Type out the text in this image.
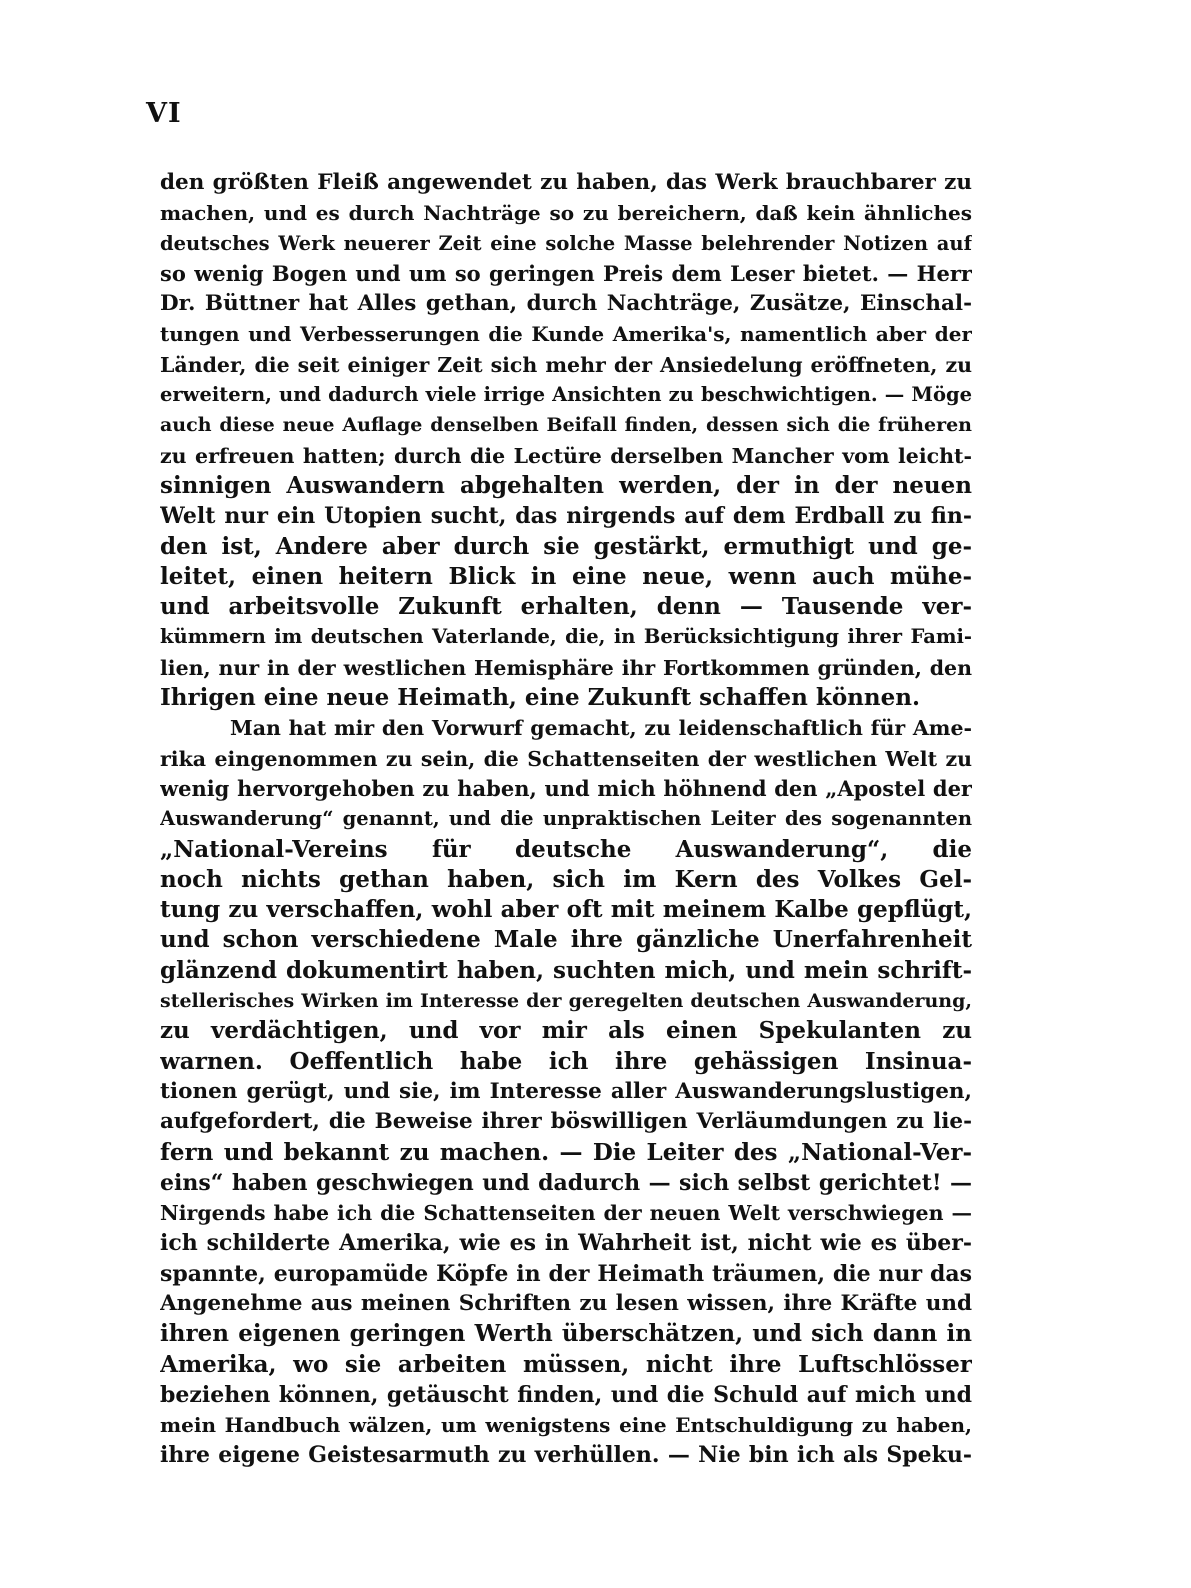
VI
den größten Fleiß angewendet zu haben, das Werk brauchbarer zu
machen, und es durch Nachträge so zu bereichern, daß kein ähnliches
deutsches Werk neuerer Zeit eine solche Masse belehrender Notizen auf
so wenig Bogen und um so geringen Preis dem Leser bietet. — Herr
Dr. Büttner hat Alles gethan, durch Nachträge, Zusätze, Einschal-
tungen und Verbesserungen die Kunde Amerika's, namentlich aber der
Länder, die seit einiger Zeit sich mehr der Ansiedelung eröffneten, zu
erweitern, und dadurch viele irrige Ansichten zu beschwichtigen. — Möge
auch diese neue Auflage denselben Beifall finden, dessen sich die früheren
zu erfreuen hatten; durch die Lectüre derselben Mancher vom leicht-
sinnigen Auswandern abgehalten werden, der in der neuen
Welt nur ein Utopien sucht, das nirgends auf dem Erdball zu fin-
den ist, Andere aber durch sie gestärkt, ermuthigt und ge-
leitet, einen heitern Blick in eine neue, wenn auch mühe-
und arbeitsvolle Zukunft erhalten, denn — Tausende ver-
kümmern im deutschen Vaterlande, die, in Berücksichtigung ihrer Fami-
lien, nur in der westlichen Hemisphäre ihr Fortkommen gründen, den
Ihrigen eine neue Heimath, eine Zukunft schaffen können.
Man hat mir den Vorwurf gemacht, zu leidenschaftlich für Ame-
rika eingenommen zu sein, die Schattenseiten der westlichen Welt zu
wenig hervorgehoben zu haben, und mich höhnend den „Apostel der
Auswanderung“ genannt, und die unpraktischen Leiter des sogenannten
„National-Vereins für deutsche Auswanderung“, die
noch nichts gethan haben, sich im Kern des Volkes Gel-
tung zu verschaffen, wohl aber oft mit meinem Kalbe gepflügt,
und schon verschiedene Male ihre gänzliche Unerfahrenheit
glänzend dokumentirt haben, suchten mich, und mein schrift-
stellerisches Wirken im Interesse der geregelten deutschen Auswanderung,
zu verdächtigen, und vor mir als einen Spekulanten zu
warnen. Oeffentlich habe ich ihre gehässigen Insinua-
tionen gerügt, und sie, im Interesse aller Auswanderungslustigen,
aufgefordert, die Beweise ihrer böswilligen Verläumdungen zu lie-
fern und bekannt zu machen. — Die Leiter des „National-Ver-
eins“ haben geschwiegen und dadurch — sich selbst gerichtet! —
Nirgends habe ich die Schattenseiten der neuen Welt verschwiegen —
ich schilderte Amerika, wie es in Wahrheit ist, nicht wie es über-
spannte, europamüde Köpfe in der Heimath träumen, die nur das
Angenehme aus meinen Schriften zu lesen wissen, ihre Kräfte und
ihren eigenen geringen Werth überschätzen, und sich dann in
Amerika, wo sie arbeiten müssen, nicht ihre Luftschlösser
beziehen können, getäuscht finden, und die Schuld auf mich und
mein Handbuch wälzen, um wenigstens eine Entschuldigung zu haben,
ihre eigene Geistesarmuth zu verhüllen. — Nie bin ich als Speku-
